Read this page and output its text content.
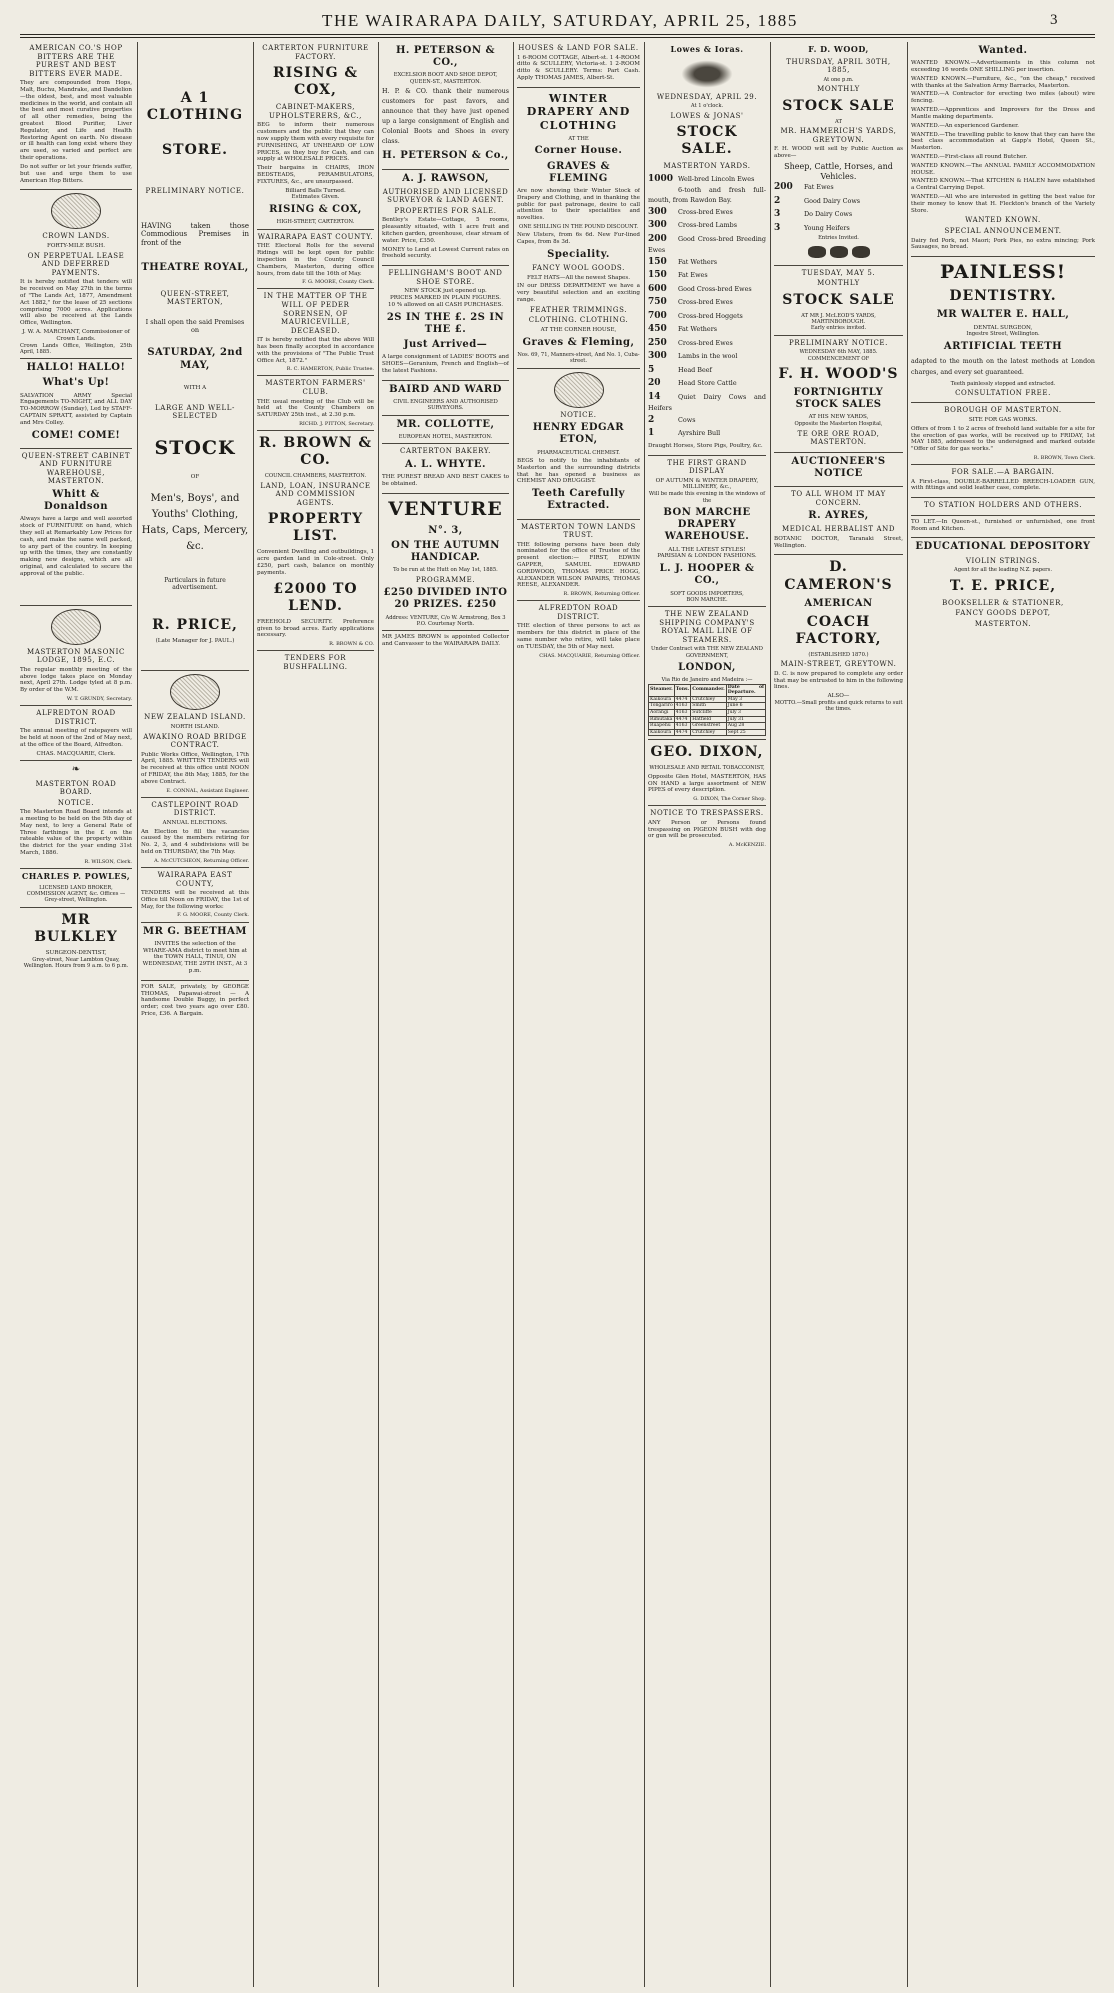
THE WAIRARAPA DAILY, SATURDAY, APRIL 25, 1885	3
AMERICAN CO.'S HOP BITTERS ARE THE PUREST AND BEST BITTERS EVER MADE.

They are compounded from Hops, Malt, Buchu, Mandrake, and Dandelion —the oldest, best, and most valuable medicines in the world, and contain all the best and most curative properties of all other remedies, being the greatest Blood Purifier, Liver Regulator, and Life and Health Restoring Agent on earth. No disease or ill health can long exist where they are used, so varied and perfect are their operations.

Do not suffer or let your friends suffer, but use and urge them to use American Hop Bitters.

CROWN LANDS.
FORTY-MILE BUSH.
ON PERPETUAL LEASE AND DEFERRED PAYMENTS.

It is hereby notified that tenders will be received on May 27th in the terms of "The Lands Act, 1877, Amendment Act 1882," for the lease of 25 sections comprising 7000 acres. Applications will also be received at the Lands Office, Wellington.

J. W. A. MARCHANT, Commissioner of Crown Lands.
Crown Lands Office, Wellington, 25th April, 1885.
HALLO! HALLO!
What's Up!

SALVATION ARMY Special Engagements TO-NIGHT, and ALL DAY TO-MORROW (Sunday), Led by STAFF-CAPTAIN SPRATT, assisted by Captain and Mrs Colley.

COME! COME!
QUEEN-STREET CABINET AND FURNITURE WAREHOUSE, MASTERTON.
Whitt & Donaldson

Always have a large and well assorted stock of FURNITURE on hand, which they sell at Remarkably Low Prices for cash, and make the same well packed, to any part of the country. In keeping up with the times, they are constantly making new designs, which are all original, and calculated to secure the approval of the public.

MASTERTON MASONIC LODGE, 1895, E.C.

The regular monthly meeting of the above lodge takes place on Monday next, April 27th. Lodge tyled at 8 p.m. By order of the W.M.

W. T. GRUNDY, Secretary.
ALFREDTON ROAD DISTRICT.

The annual meeting of ratepayers will be held at noon of the 2nd of May next, at the office of the Board, Alfredton.

CHAS. MACQUARIE, Clerk.
❧
MASTERTON ROAD BOARD.
NOTICE.

The Masterton Road Board intends at a meeting to be held on the 5th day of May next, to levy a General Rate of Three farthings in the £ on the rateable value of the property within the district for the year ending 31st March, 1886.

R. WILSON, Clerk.
CHARLES P. POWLES,
LICENSED LAND BROKER, COMMISSION AGENT, &c. Offices — Grey-street, Wellington.
MR BULKLEY
SURGEON-DENTIST,
Grey-street, Near Lambton Quay, Wellington. Hours from 9 a.m. to 6 p.m.
A 1 CLOTHING
STORE.
PRELIMINARY NOTICE.

HAVING taken those Commodious Premises in front of the

THEATRE ROYAL,
QUEEN-STREET, MASTERTON,
I shall open the said Premises on
SATURDAY, 2nd MAY,
WITH A
LARGE AND WELL-SELECTED
STOCK
OF
Men's, Boys', and Youths' Clothing, Hats, Caps, Mercery, &c.
Particulars in future advertisement.
R. PRICE,
(Late Manager for J. PAUL.)
NEW ZEALAND ISLAND.
NORTH ISLAND.
AWAKINO ROAD BRIDGE CONTRACT.

Public Works Office, Wellington, 17th April, 1885. WRITTEN TENDERS will be received at this office until NOON of FRIDAY, the 8th May, 1885, for the above Contract.

E. CONNAL, Assistant Engineer.
CASTLEPOINT ROAD DISTRICT.
ANNUAL ELECTIONS.

An Election to fill the vacancies caused by the members retiring for No. 2, 3, and 4 subdivisions will be held on THURSDAY, the 7th May.

A. McCUTCHEON, Returning Officer.
WAIRARAPA EAST COUNTY,

TENDERS will be received at this Office till Noon on FRIDAY, the 1st of May, for the following works:

F. G. MOORE, County Clerk.
MR G. BEETHAM

INVITES the selection of the WHARE-AMA district to meet him at the TOWN HALL, TINUI, ON WEDNESDAY, THE 29TH INST., At 3 p.m.

FOR SALE, privately, by GEORGE THOMAS, Papawai-street — A handsome Double Buggy, in perfect order; cost two years ago over £80. Price, £36. A Bargain.

CARTERTON FURNITURE FACTORY.
RISING & COX,
CABINET-MAKERS, UPHOLSTERERS, &C.,

BEG to inform their numerous customers and the public that they can now supply them with every requisite for FURNISHING, AT UNHEARD OF LOW PRICES, as they buy for Cash, and can supply at WHOLESALE PRICES.

Their bargains in CHAIRS, IRON BEDSTEADS, PERAMBULATORS, FIXTURES, &c., are unsurpassed.

Billiard Balls Turned.
Estimates Given.
RISING & COX,
HIGH-STREET, CARTERTON.
WAIRARAPA EAST COUNTY.

THE Electoral Rolls for the several Ridings will be kept open for public inspection in the County Council Chambers, Masterton, during office hours, from date till the 16th of May.

F. G. MOORE, County Clerk.
IN THE MATTER OF THE WILL OF PEDER SORENSEN, OF MAURICEVILLE, DECEASED.

IT is hereby notified that the above Will has been finally accepted in accordance with the provisions of "The Public Trust Office Act, 1872."

R. C. HAMERTON, Public Trustee.
MASTERTON FARMERS' CLUB.

THE usual meeting of the Club will be held at the County Chambers on SATURDAY 25th inst., at 2.30 p.m.

RICHD. J. PITTON, Secretary.
R. BROWN & CO.
COUNCIL CHAMBERS, MASTERTON.
LAND, LOAN, INSURANCE AND COMMISSION AGENTS.
PROPERTY LIST.

Convenient Dwelling and outbuildings, 1 acre garden land in Cole-street. Only £250, part cash, balance on monthly payments.

£2000 TO LEND.

FREEHOLD SECURITY. Preference given to broad acres. Early applications necessary.

R. BROWN & CO.
TENDERS FOR BUSHFALLING.
H. PETERSON & CO.,
EXCELSIOR BOOT AND SHOE DEPOT, QUEEN-ST., MASTERTON.

H. P. & CO. thank their numerous customers for past favors, and announce that they have just opened up a large consignment of English and Colonial Boots and Shoes in every class.

H. PETERSON & Co.,
A. J. RAWSON,
AUTHORISED AND LICENSED SURVEYOR & LAND AGENT.
PROPERTIES FOR SALE.

Bentley's Estate—Cottage, 5 rooms, pleasantly situated, with 1 acre fruit and kitchen garden, greenhouse, clear stream of water. Price, £350.

MONEY to Lend at Lowest Current rates on freehold security.

FELLINGHAM'S BOOT AND SHOE STORE.
NEW STOCK just opened up.
PRICES MARKED IN PLAIN FIGURES.
10 % allowed on all CASH PURCHASES.
2S IN THE £. 2S IN THE £.
Just Arrived—

A large consignment of LADIES' BOOTS and SHOES—Geranium, French and English—of the latest Fashions.

BAIRD AND WARD
CIVIL ENGINEERS AND AUTHORISED SURVEYORS.
MR. COLLOTTE,
EUROPEAN HOTEL, MASTERTON.
CARTERTON BAKERY.
A. L. WHYTE.

THE PUREST BREAD AND BEST CAKES to be obtained.

VENTURE
N°. 3,
ON THE AUTUMN HANDICAP.
To be run at the Hutt on May 1st, 1885.
PROGRAMME.
£250 DIVIDED INTO 20 PRIZES. £250
Address: VENTURE, C/o W. Armstrong, Box 3 P.O. Courtenay North.

MR JAMES BROWN is appointed Collector and Canvasser to the WAIRARAPA DAILY.

HOUSES & LAND FOR SALE.

1 6-ROOM COTTAGE, Albert-st. 1 4-ROOM ditto & SCULLERY, Victoria-st. 1 2-ROOM ditto & SCULLERY. Terms: Part Cash. Apply THOMAS JAMES, Albert-St.

WINTER DRAPERY AND CLOTHING
AT THE
Corner House.
GRAVES & FLEMING

Are now showing their Winter Stock of Drapery and Clothing, and in thanking the public for past patronage, desire to call attention to their specialities and novelties.

ONE SHILLING IN THE POUND DISCOUNT.

New Ulsters, from 6s 6d. New Fur-lined Capes, from 8s 3d.

Speciality.
FANCY WOOL GOODS.
FELT HATS—All the newest Shapes.

IN our DRESS DEPARTMENT we have a very beautiful selection and an exciting range.

FEATHER TRIMMINGS.
CLOTHING. CLOTHING.
AT THE CORNER HOUSE,
Graves & Fleming,
Nos. 69, 71, Manners-street, And No. 1, Cuba-street.
NOTICE.
HENRY EDGAR ETON,
PHARMACEUTICAL CHEMIST.

BEGS to notify to the inhabitants of Masterton and the surrounding districts that he has opened a business as CHEMIST AND DRUGGIST.

Teeth Carefully Extracted.
MASTERTON TOWN LANDS TRUST.

THE following persons have been duly nominated for the office of Trustee of the present election:— FIRST, EDWIN GAPPER, SAMUEL EDWARD GORDWOOD, THOMAS PRICE HOGG, ALEXANDER WILSON PAPAIRS, THOMAS REESE, ALEXANDER.

R. BROWN, Returning Officer.
ALFREDTON ROAD DISTRICT.

THE election of three persons to act as members for this district in place of the same number who retire, will take place on TUESDAY, the 5th of May next.

CHAS. MACQUARIE, Returning Officer.
Lowes & Ioras.
WEDNESDAY, APRIL 29.
At 1 o'clock.
LOWES & JONAS'
STOCK SALE.
MASTERTON YARDS.
1000 Well-bred Lincoln Ewes
6-tooth and fresh full-mouth, from Rawdon Bay.
300 Cross-bred Ewes
300 Cross-bred Lambs
200 Good Cross-bred Breeding Ewes
150 Fat Wethers
150 Fat Ewes
600 Good Cross-bred Ewes
750 Cross-bred Ewes
700 Cross-bred Hoggets
450 Fat Wethers
250 Cross-bred Ewes
300 Lambs in the wool
5	Head Beef
20	Head Store Cattle
14	Quiet Dairy Cows and Heifers
2	Cows
1	Ayrshire Bull

Draught Horses, Store Pigs, Poultry, &c.

THE FIRST GRAND DISPLAY
OF AUTUMN & WINTER DRAPERY, MILLINERY, &c.,
Will be made this evening in the windows of the
BON MARCHE DRAPERY WAREHOUSE.
ALL THE LATEST STYLES!
PARISIAN & LONDON FASHIONS.
L. J. HOOPER & CO.,
SOFT GOODS IMPORTERS,
BON MARCHE.
THE NEW ZEALAND SHIPPING COMPANY'S ROYAL MAIL LINE OF STEAMERS.
Under Contract with THE NEW ZEALAND GOVERNMENT,
LONDON,
Via Rio de Janeiro and Madeira :—
Steamer.	Tons.	Commander.	Date of Departure.
Kaikoura	4474	Crutchley	May 3
Tongariro	4163	Smith	June 6
Aorangi	4163	Sutcliffe	July 3
Rimutaka	4474	Hatfield	July 31
Ruapehu	4163	Greenstreet	Aug 28
Kaikoura	4474	Crutchley	Sept 25
GEO. DIXON,
WHOLESALE AND RETAIL TOBACCONIST,

Opposite Glen Hotel, MASTERTON, HAS ON HAND a large assortment of NEW PIPES of every description.

G. DIXON, The Corner Shop.
NOTICE TO TRESPASSERS.

ANY Person or Persons found trespassing on PIGEON BUSH with dog or gun will be prosecuted.

A. McKENZIE.
F. D. WOOD,
THURSDAY, APRIL 30TH, 1885,
At one p.m.
MONTHLY
STOCK SALE
AT
MR. HAMMERICH'S YARDS, GREYTOWN.

F. H. WOOD will sell by Public Auction as above—

Sheep, Cattle, Horses, and Vehicles.
200 Fat Ewes
2	Good Dairy Cows
3	Do Dairy Cows
3	Young Heifers
Entries Invited.
TUESDAY, MAY 5.
MONTHLY
STOCK SALE
AT MR J. McLEOD'S YARDS, MARTINBOROUGH.
Early entries invited.
PRELIMINARY NOTICE.
WEDNESDAY 6th MAY, 1885.
COMMENCEMENT OF
F. H. WOOD'S
FORTNIGHTLY STOCK SALES
AT HIS NEW YARDS,
Opposite the Masterton Hospital,
TE ORE ORE ROAD, MASTERTON.
AUCTIONEER'S NOTICE
TO ALL WHOM IT MAY CONCERN.
R. AYRES,
MEDICAL HERBALIST AND

BOTANIC DOCTOR, Taranaki Street, Wellington.

D. CAMERON'S
AMERICAN
COACH FACTORY,
(ESTABLISHED 1870.)
MAIN-STREET, GREYTOWN.

D. C. is now prepared to complete any order that may be entrusted to him in the following lines.

ALSO—
MOTTO.—Small profits and quick returns to suit the times.
Wanted.

WANTED KNOWN.—Advertisements in this column not exceeding 16 words ONE SHILLING per insertion.

WANTED KNOWN.—Furniture, &c., "on the cheap," received with thanks at the Salvation Army Barracks, Masterton.

WANTED.—A Contractor for erecting two miles (about) wire fencing.

WANTED.—Apprentices and Improvers for the Dress and Mantle making departments.

WANTED.—An experienced Gardener.

WANTED.—The travelling public to know that they can have the best class accommodation at Gapp's Hotel, Queen St., Masterton.

WANTED.—First-class all round Butcher.

WANTED KNOWN.—The ANNUAL FAMILY ACCOMMODATION HOUSE.

WANTED KNOWN.—That KITCHEN & HALEN have established a Central Carrying Depot.

WANTED.—All who are interested in getting the best value for their money to know that H. Fleckton's branch of the Variety Store.

WANTED KNOWN.
SPECIAL ANNOUNCEMENT.

Dairy fed Pork, not Maori; Pork Pies, no extra mincing; Pork Sausages, no bread.

PAINLESS!
DENTISTRY.
MR WALTER E. HALL,
DENTAL SURGEON,
Ingestre Street, Wellington.
ARTIFICIAL TEETH

adapted to the mouth on the latest methods at London charges, and every set guaranteed.

Teeth painlessly stopped and extracted.
CONSULTATION FREE.
BOROUGH OF MASTERTON.
SITE FOR GAS WORKS.

Offers of from 1 to 2 acres of freehold land suitable for a site for the erection of gas works, will be received up to FRIDAY, 1st MAY 1885, addressed to the undersigned and marked outside "Offer of Site for gas works."

R. BROWN, Town Clerk.
FOR SALE.—A BARGAIN.

A First-class, DOUBLE-BARRELLED BREECH-LOADER GUN, with fittings and solid leather case, complete.

TO STATION HOLDERS AND OTHERS.

TO LET.—In Queen-st., furnished or unfurnished, one front Room and Kitchen.

EDUCATIONAL DEPOSITORY
VIOLIN STRINGS.
Agent for all the leading N.Z. papers.
T. E. PRICE,
BOOKSELLER & STATIONER,
FANCY GOODS DEPOT,
MASTERTON.
